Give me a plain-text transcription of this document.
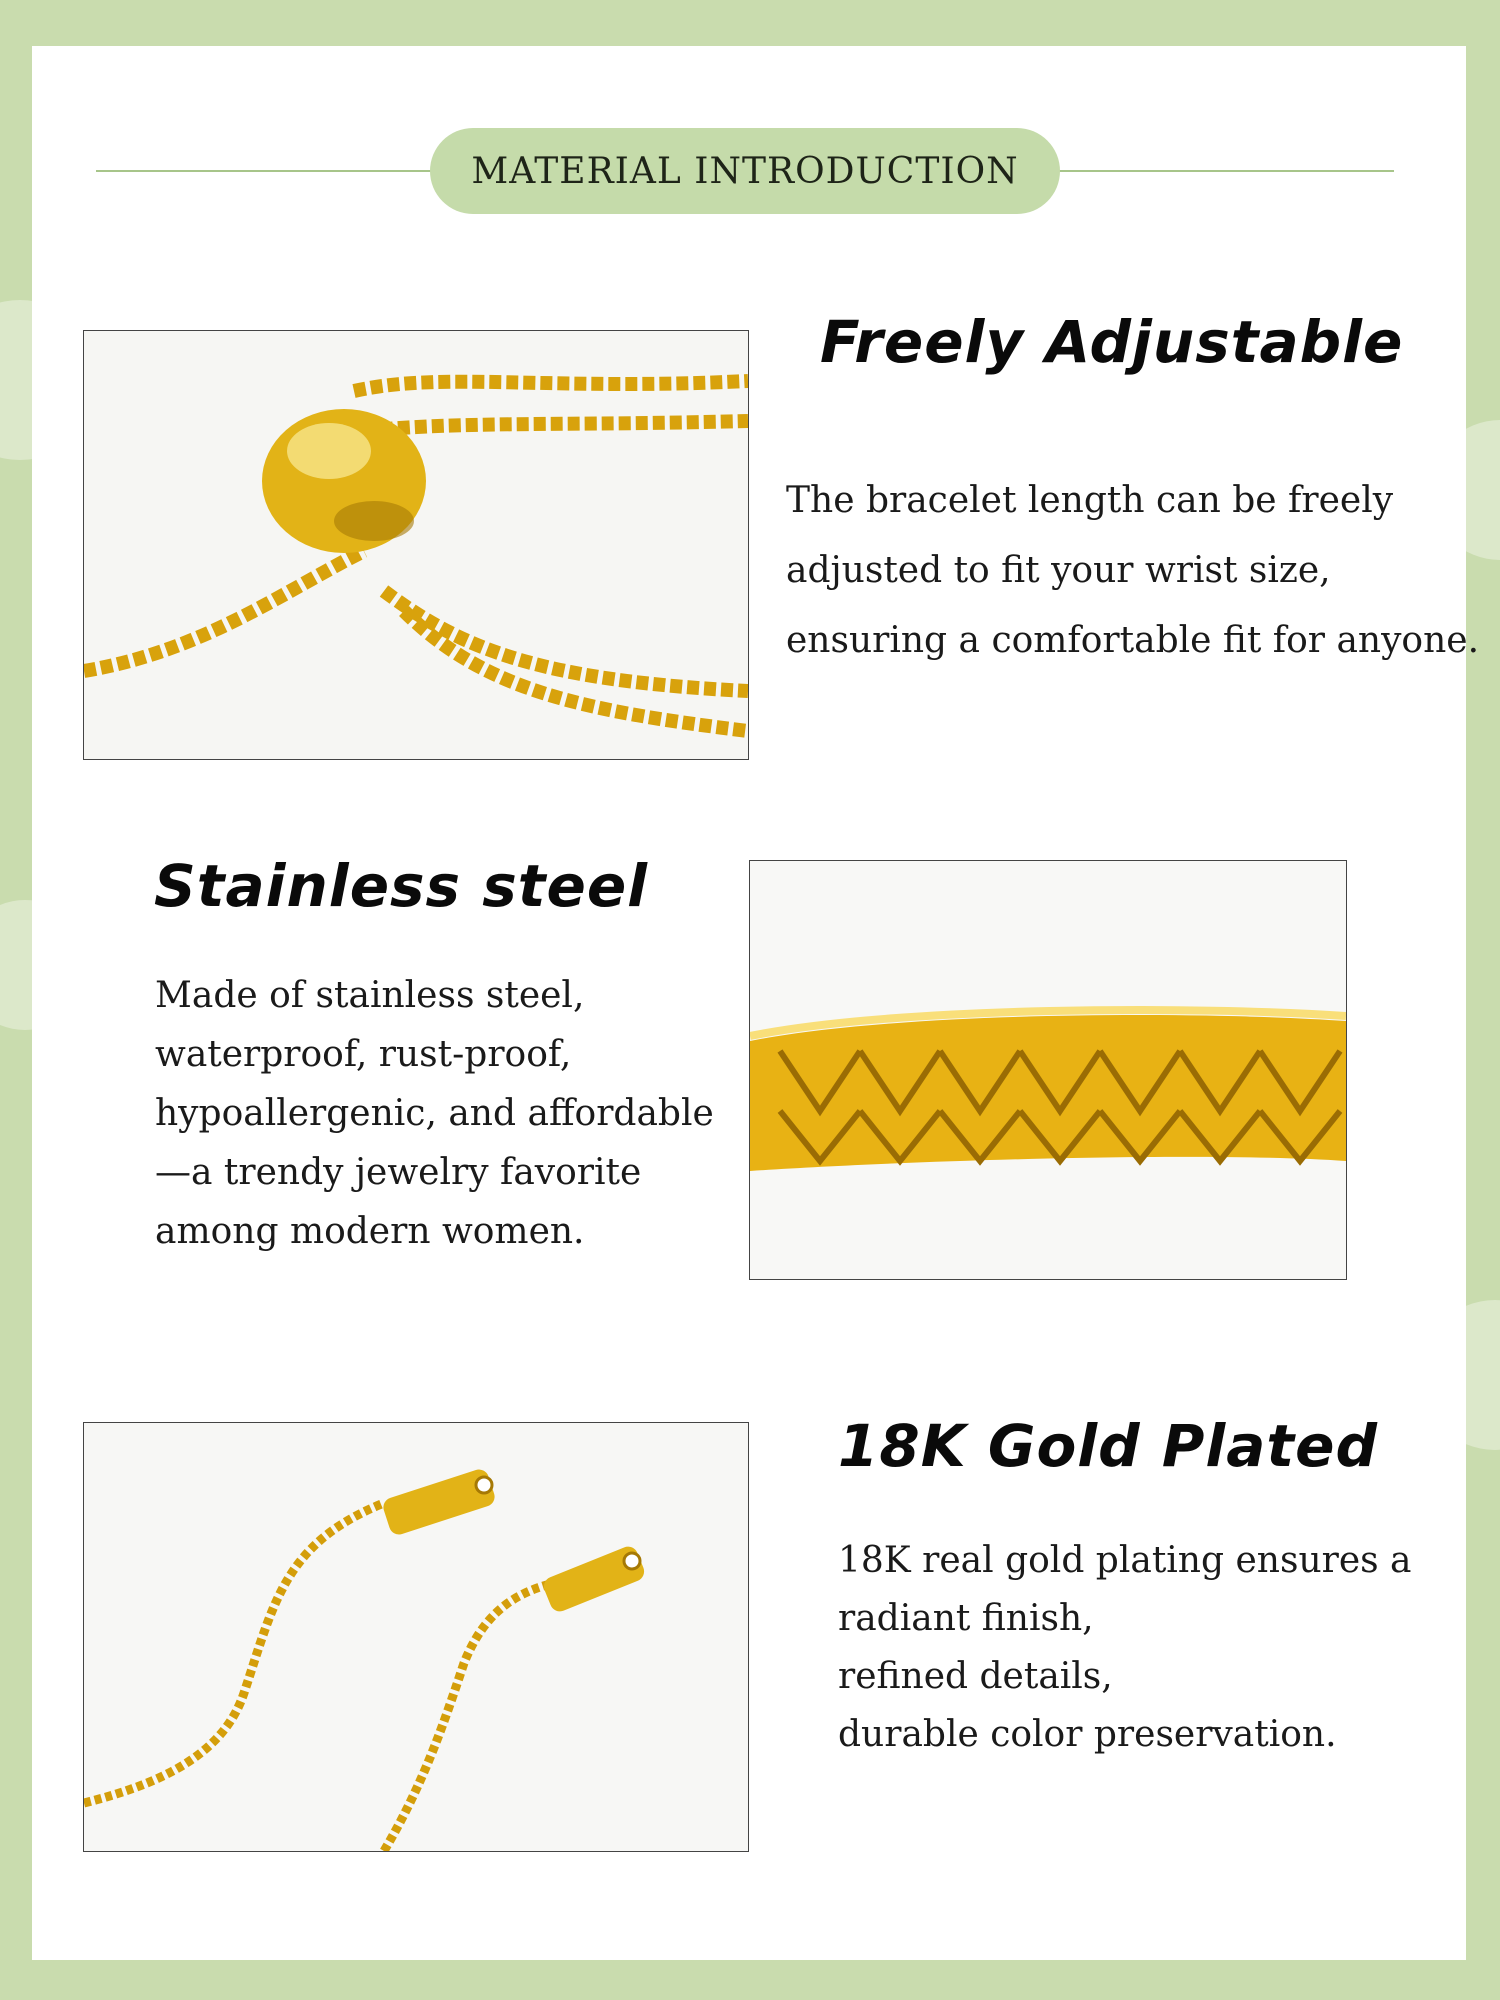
MATERIAL INTRODUCTION
Freely Adjustable
The bracelet length can be freely
adjusted to fit your wrist size,
ensuring a comfortable fit for anyone.
Stainless steel
Made of stainless steel,
waterproof, rust-proof,
hypoallergenic, and affordable
—a trendy jewelry favorite
among modern women.
18K Gold Plated
18K real gold plating ensures a
radiant finish,
refined details,
durable color preservation.
